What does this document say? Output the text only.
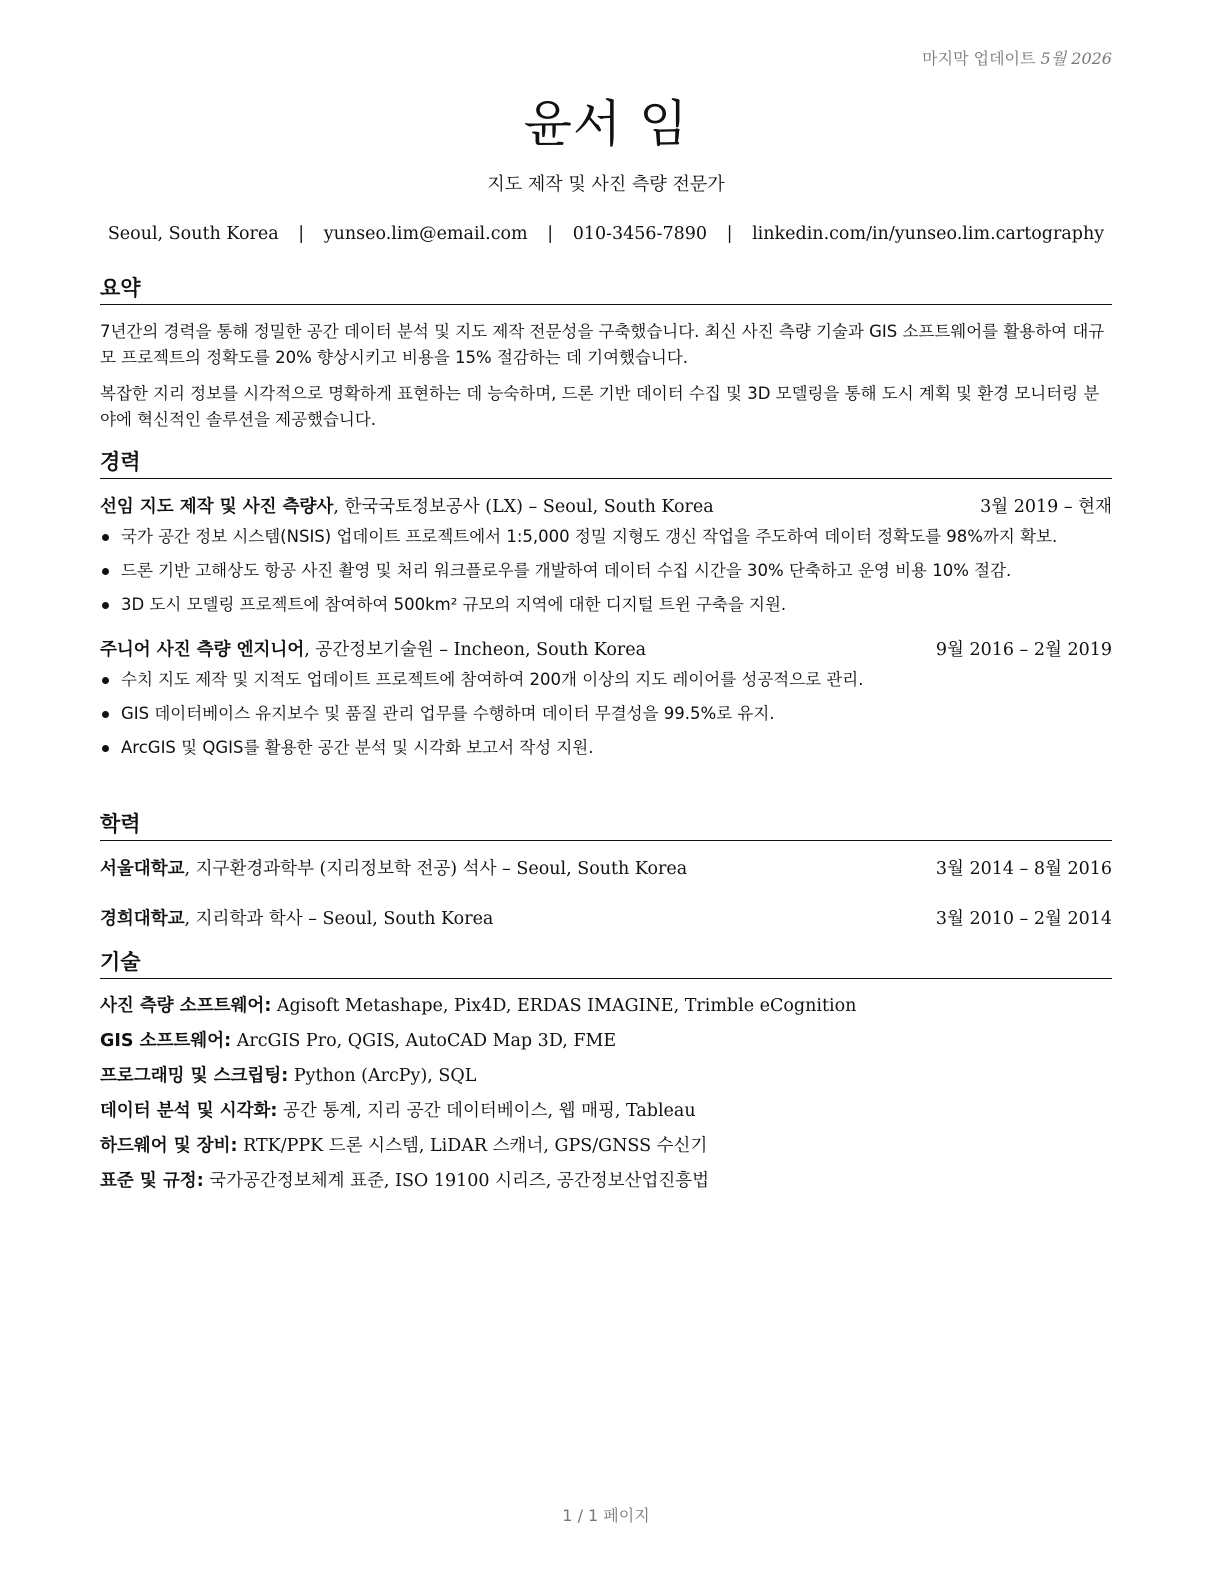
마지막 업데이트 5월 2026
윤서 임
지도 제작 및 사진 측량 전문가
Seoul, South Korea | yunseo.lim@email.com | 010-3456-7890 | linkedin.com/in/yunseo.lim.cartography
요약

7년간의 경력을 통해 정밀한 공간 데이터 분석 및 지도 제작 전문성을 구축했습니다. 최신 사진 측량 기술과 GIS 소프트웨어를 활용하여 대규모 프로젝트의 정확도를 20% 향상시키고 비용을 15% 절감하는 데 기여했습니다.

복잡한 지리 정보를 시각적으로 명확하게 표현하는 데 능숙하며, 드론 기반 데이터 수집 및 3D 모델링을 통해 도시 계획 및 환경 모니터링 분야에 혁신적인 솔루션을 제공했습니다.

경력
선임 지도 제작 및 사진 측량사, 한국국토정보공사 (LX) – Seoul, South Korea	3월 2019 – 현재
국가 공간 정보 시스템(NSIS) 업데이트 프로젝트에서 1:5,000 정밀 지형도 갱신 작업을 주도하여 데이터 정확도를 98%까지 확보.
드론 기반 고해상도 항공 사진 촬영 및 처리 워크플로우를 개발하여 데이터 수집 시간을 30% 단축하고 운영 비용 10% 절감.
3D 도시 모델링 프로젝트에 참여하여 500km² 규모의 지역에 대한 디지털 트윈 구축을 지원.
주니어 사진 측량 엔지니어, 공간정보기술원 – Incheon, South Korea	9월 2016 – 2월 2019
수치 지도 제작 및 지적도 업데이트 프로젝트에 참여하여 200개 이상의 지도 레이어를 성공적으로 관리.
GIS 데이터베이스 유지보수 및 품질 관리 업무를 수행하며 데이터 무결성을 99.5%로 유지.
ArcGIS 및 QGIS를 활용한 공간 분석 및 시각화 보고서 작성 지원.
학력
서울대학교, 지구환경과학부 (지리정보학 전공) 석사 – Seoul, South Korea	3월 2014 – 8월 2016
경희대학교, 지리학과 학사 – Seoul, South Korea	3월 2010 – 2월 2014
기술
사진 측량 소프트웨어: Agisoft Metashape, Pix4D, ERDAS IMAGINE, Trimble eCognition
GIS 소프트웨어: ArcGIS Pro, QGIS, AutoCAD Map 3D, FME
프로그래밍 및 스크립팅: Python (ArcPy), SQL
데이터 분석 및 시각화: 공간 통계, 지리 공간 데이터베이스, 웹 매핑, Tableau
하드웨어 및 장비: RTK/PPK 드론 시스템, LiDAR 스캐너, GPS/GNSS 수신기
표준 및 규정: 국가공간정보체계 표준, ISO 19100 시리즈, 공간정보산업진흥법
1 / 1 페이지
